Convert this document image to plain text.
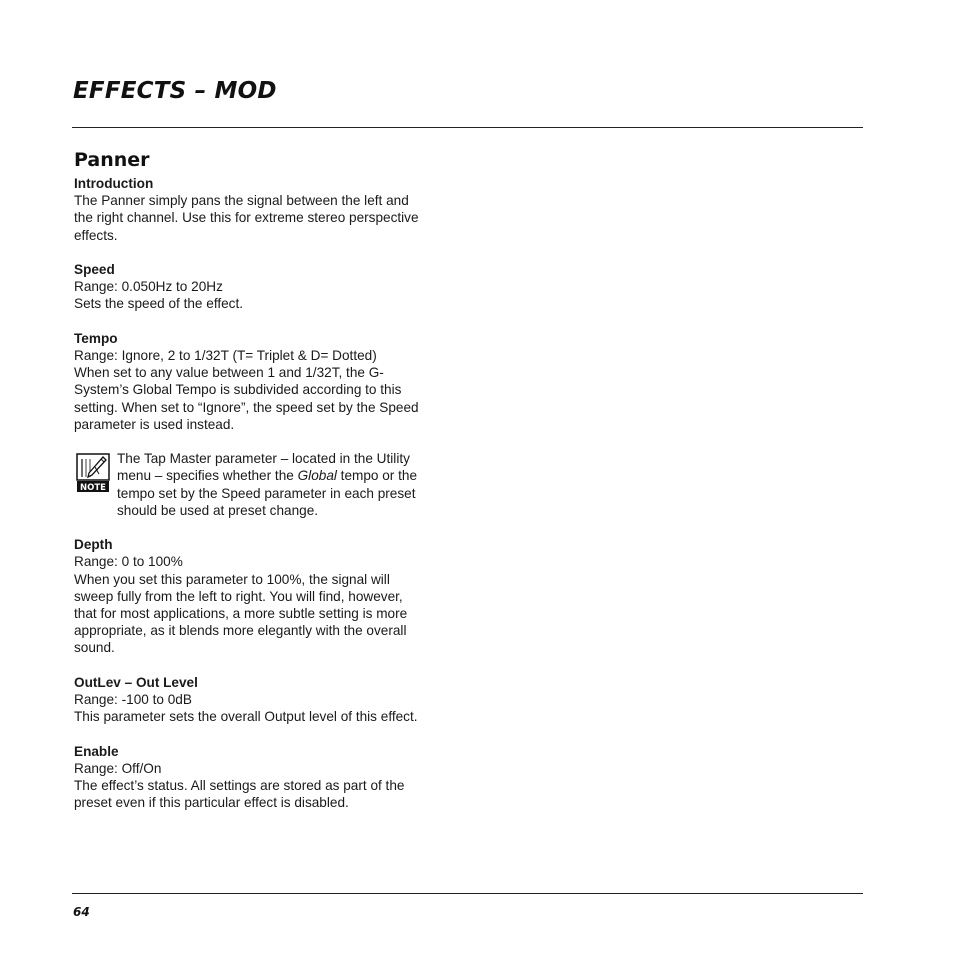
EFFECTS – MOD
Panner
Introduction
The Panner simply pans the signal between the left and
the right channel. Use this for extreme stereo perspective
effects.
Speed
Range: 0.050Hz to 20Hz
Sets the speed of the effect.
Tempo
Range: Ignore, 2 to 1/32T (T= Triplet & D= Dotted)
When set to any value between 1 and 1/32T, the G-
System’s Global Tempo is subdivided according to this
setting. When set to “Ignore”, the speed set by the Speed
parameter is used instead.
NOTE
The Tap Master parameter – located in the Utility
menu – specifies whether the Global tempo or the
tempo set by the Speed parameter in each preset
should be used at preset change.
Depth
Range: 0 to 100%
When you set this parameter to 100%, the signal will
sweep fully from the left to right. You will find, however,
that for most applications, a more subtle setting is more
appropriate, as it blends more elegantly with the overall
sound.
OutLev – Out Level
Range: -100 to 0dB
This parameter sets the overall Output level of this effect.
Enable
Range: Off/On
The effect’s status. All settings are stored as part of the
preset even if this particular effect is disabled.
64
